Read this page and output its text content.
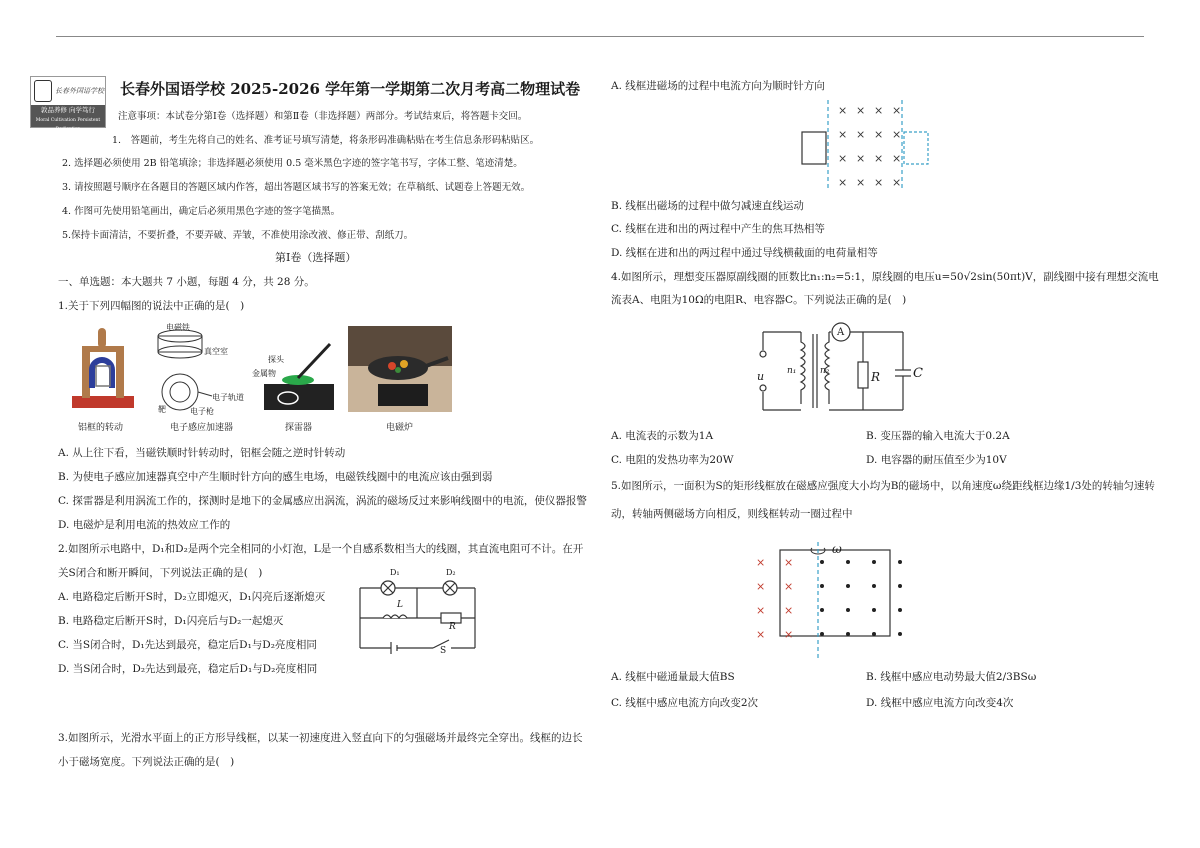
长春外国语学校
敦品养修 向学笃行
Moral Cultivation Persistent Dedication
长春外国语学校 2025-2026 学年第一学期第二次月考高二物理试卷
注意事项：本试卷分第Ⅰ卷（选择题）和第Ⅱ卷（非选择题）两部分。考试结束后，将答题卡交回。
1.　答题前，考生先将自己的姓名、准考证号填写清楚，将条形码准确粘贴在考生信息条形码粘贴区。
2. 选择题必须使用 2B 铅笔填涂；非选择题必须使用 0.5 毫米黑色字迹的签字笔书写，字体工整、笔迹清楚。
3. 请按照题号顺序在各题目的答题区域内作答，超出答题区域书写的答案无效；在草稿纸、试题卷上答题无效。
4. 作图可先使用铅笔画出，确定后必须用黑色字迹的签字笔描黑。
5.保持卡面清洁，不要折叠，不要弄破、弄皱，不准使用涂改液、修正带、刮纸刀。
第Ⅰ卷（选择题）
一、单选题：本大题共 7 小题，每题 4 分，共 28 分。
1.关于下列四幅图的说法中正确的是(　)
铝框的转动
电磁铁
真空室
电子轨道
靶	电子枪
电子感应加速器
探头
金属物
探雷器	电磁炉
A. 从上往下看，当磁铁顺时针转动时，铝框会随之逆时针转动
B. 为使电子感应加速器真空中产生顺时针方向的感生电场，电磁铁线圈中的电流应该由强到弱
C. 探雷器是利用涡流工作的，探测时是地下的金属感应出涡流，涡流的磁场反过来影响线圈中的电流，使仪器报警
D. 电磁炉是利用电流的热效应工作的
2.如图所示电路中，D₁和D₂是两个完全相同的小灯泡，L是一个自感系数相当大的线圈，其直流电阻可不计。在开
关S闭合和断开瞬间，下列说法正确的是(　)
A. 电路稳定后断开S时，D₂立即熄灭，D₁闪亮后逐渐熄灭
B. 电路稳定后断开S时，D₁闪亮后与D₂一起熄灭
C. 当S闭合时，D₁先达到最亮，稳定后D₁与D₂亮度相同
D. 当S闭合时，D₂先达到最亮，稳定后D₁与D₂亮度相同
D₁	D₂
L
R
S
3.如图所示，光滑水平面上的正方形导线框，以某一初速度进入竖直向下的匀强磁场并最终完全穿出。线框的边长
小于磁场宽度。下列说法正确的是(　)
A. 线框进磁场的过程中电流方向为顺时针方向
× × × ×
× × × ×
× × × ×
× × × ×
B. 线框出磁场的过程中做匀减速直线运动
C. 线框在进和出的两过程中产生的焦耳热相等
D. 线框在进和出的两过程中通过导线横截面的电荷量相等
4.如图所示，理想变压器原副线圈的匝数比n₁:n₂=5:1，原线圈的电压u=50√2sin(50πt)V，副线圈中接有理想交流电
流表A、电阻为10Ω的电阻R、电容器C。下列说法正确的是(　)
u	n₁	n₂
A
R	C
A. 电流表的示数为1A	B. 变压器的输入电流大于0.2A
C. 电阻的发热功率为20W	D. 电容器的耐压值至少为10V
5.如图所示，一面积为S的矩形线框放在磁感应强度大小均为B的磁场中，以角速度ω绕距线框边缘1/3处的转轴匀速转
动，转轴两侧磁场方向相反，则线框转动一圈过程中
× ×
× ×
× ×
× ×
ω
A. 线框中磁通量最大值BS	B. 线框中感应电动势最大值2/3BSω
C. 线框中感应电流方向改变2次	D. 线框中感应电流方向改变4次
